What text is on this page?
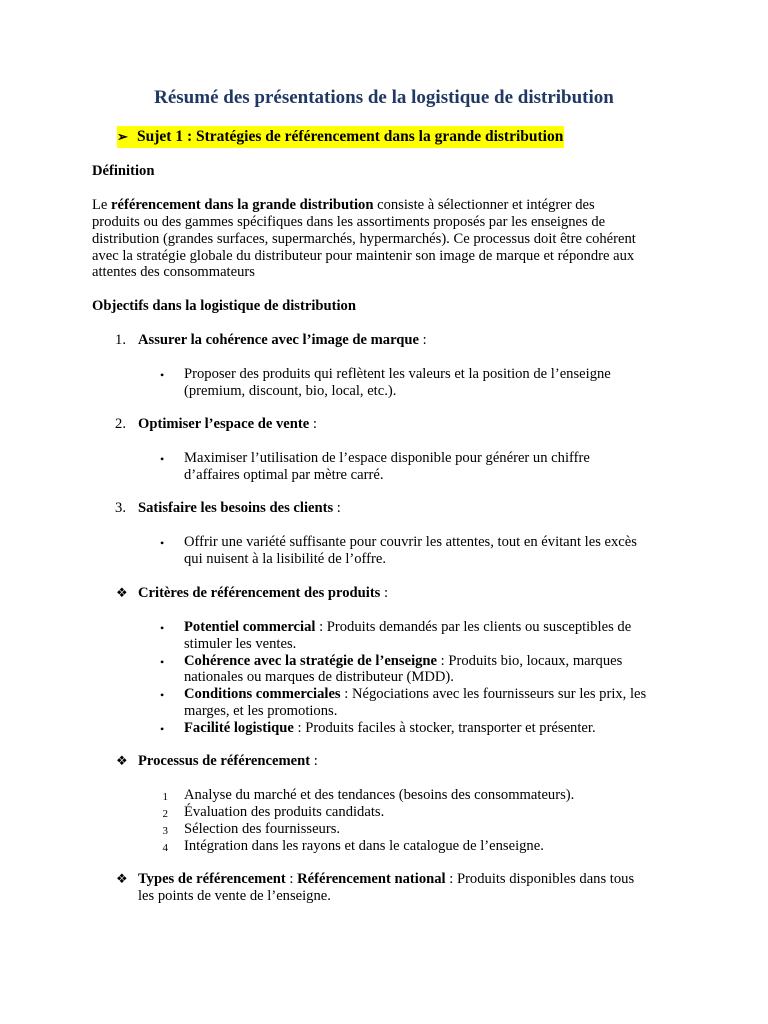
Résumé des présentations de la logistique de distribution
➢ Sujet 1 : Stratégies de référencement dans la grande distribution
Définition
Le référencement dans la grande distribution consiste à sélectionner et intégrer des
produits ou des gammes spécifiques dans les assortiments proposés par les enseignes de
distribution (grandes surfaces, supermarchés, hypermarchés). Ce processus doit être cohérent
avec la stratégie globale du distributeur pour maintenir son image de marque et répondre aux
attentes des consommateurs
Objectifs dans la logistique de distribution
1. Assurer la cohérence avec l’image de marque :
• Proposer des produits qui reflètent les valeurs et la position de l’enseigne
(premium, discount, bio, local, etc.).
2. Optimiser l’espace de vente :
• Maximiser l’utilisation de l’espace disponible pour générer un chiffre
d’affaires optimal par mètre carré.
3. Satisfaire les besoins des clients :
• Offrir une variété suffisante pour couvrir les attentes, tout en évitant les excès
qui nuisent à la lisibilité de l’offre.
❖ Critères de référencement des produits :
• Potentiel commercial : Produits demandés par les clients ou susceptibles de
stimuler les ventes.
• Cohérence avec la stratégie de l’enseigne : Produits bio, locaux, marques
nationales ou marques de distributeur (MDD).
• Conditions commerciales : Négociations avec les fournisseurs sur les prix, les
marges, et les promotions.
• Facilité logistique : Produits faciles à stocker, transporter et présenter.
❖ Processus de référencement :
1 Analyse du marché et des tendances (besoins des consommateurs).
2 Évaluation des produits candidats.
3 Sélection des fournisseurs.
4 Intégration dans les rayons et dans le catalogue de l’enseigne.
❖ Types de référencement : Référencement national : Produits disponibles dans tous
les points de vente de l’enseigne.
